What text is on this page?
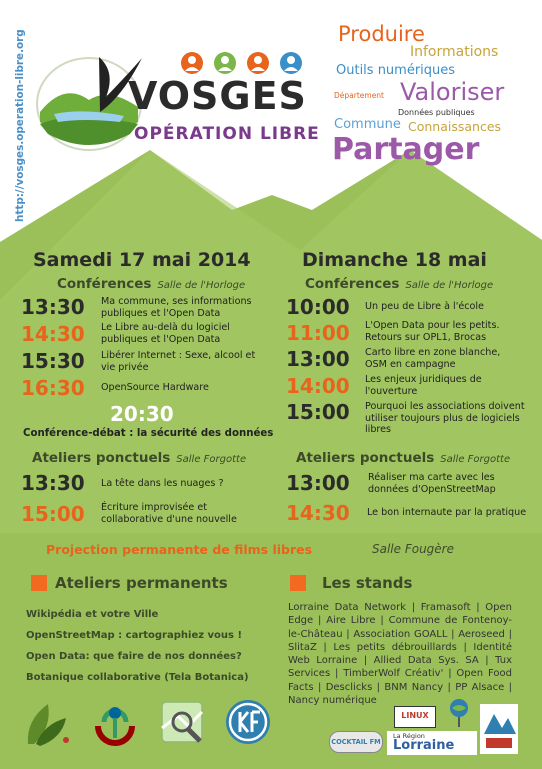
http://vosges.operation-libre.org	VOSGES
OPÉRATION LIBRE
Produire
Informations
Outils numériques
Département Valoriser
Données publiques
Commune Connaissances
Partager
Samedi 17 mai 2014
Conférences Salle de l'Horloge
13:30 Ma commune, ses informations publiques et l'Open Data
14:30 Le Libre au-delà du logiciel publiques et l'Open Data
15:30 Libérer Internet : Sexe, alcool et vie privée
16:30 OpenSource Hardware
20:30
Conférence-débat : la sécurité des données
Ateliers ponctuels Salle Forgotte
13:30 La tête dans les nuages ?
15:00 Écriture improvisée et collaborative d'une nouvelle
Dimanche 18 mai
Conférences Salle de l'Horloge
10:00 Un peu de Libre à l'école
11:00 L'Open Data pour les petits. Retours sur OPL1, Brocas
13:00 Carto libre en zone blanche, OSM en campagne
14:00 Les enjeux juridiques de l'ouverture
15:00 Pourquoi les associations doivent utiliser toujours plus de logiciels libres
Ateliers ponctuels Salle Forgotte
13:00 Réaliser ma carte avec les données d'OpenStreetMap
14:30 Le bon internaute par la pratique
Projection permanente de films libres	Salle Fougère
Ateliers permanents
Wikipédia et votre Ville
OpenStreetMap : cartographiez vous !
Open Data: que faire de nos données?
Botanique collaborative (Tela Botanica)
Les stands
Lorraine Data Network | Framasoft | Open Edge | Aire Libre | Commune de Fontenoy-le-Château | Association GOALL | Aeroseed | SlitaZ | Les petits débrouillards | Identité Web Lorraine | Allied Data Sys. SA | Tux Services | TimberWolf Créativ' | Open Food Facts | Desclicks | BNM Nancy | PP Alsace | Nancy numérique
LINUX
COCKTAIL FM
La Région
Lorraine
